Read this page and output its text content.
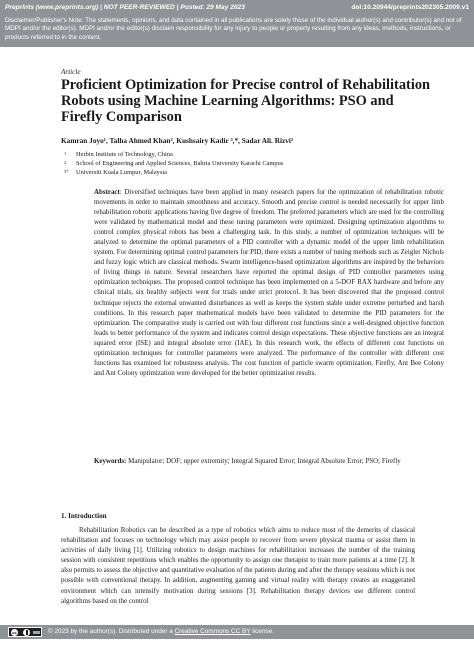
Preprints (www.preprints.org) | NOT PEER-REVIEWED | Posted: 29 May 2023	doi:10.20944/preprints202305.2009.v1
Disclaimer/Publisher's Note: The statements, opinions, and data contained in all publications are solely those of the individual author(s) and contributor(s) and not of MDPI and/or the editor(s). MDPI and/or the editor(s) disclaim responsibility for any injury to people or property resulting from any ideas, methods, instructions, or products referred to in the content.
Article
Proficient Optimization for Precise control of Rehabilitation Robots using Machine Learning Algorithms: PSO and Firefly Comparison
Kamran Joyo¹, Talha Ahmed Khan², Kushsairy Kadir ³,*, Sadar Ali. Rizvi²
1 Herbin Institute of Technology, China
2 School of Engineering and Applied Sciences, Bahria University Karachi Campus
3* Universiti Kuala Lumpur, Malaysia
Abstract: Diversified techniques have been applied in many research papers for the optimization of rehabilitation robotic movements in order to maintain smoothness and accuracy. Smooth and precise control is needed necessarily for upper limb rehabilitation robotic applications having five degree of freedom. The preferred parameters which are used for the controlling were validated by mathematical model and these tuning parameters were optimized. Designing optimization algorithms to control complex physical robots has been a challenging task. In this study, a number of optimization techniques will be analyzed to determine the optimal parameters of a PID controller with a dynamic model of the upper limb rehabilitation system. For determining optimal control parameters for PID, there exists a number of tuning methods such as Zeigler Nichols and fuzzy logic which are classical methods. Swarm intelligence-based optimization algorithms are inspired by the behaviors of living things in nature. Several researchers have reported the optimal design of PID controller parameters using optimization techniques. The proposed control technique has been implemented on a 5-DOF RAX hardware and before any clinical trials, six healthy subjects went for trials under strict protocol. It has been discovered that the proposed control technique rejects the external unwanted disturbances as well as keeps the system stable under extreme perturbed and harsh conditions. In this research paper mathematical models have been validated to determine the PID parameters for the optimization. The comparative study is carried out with four different cost functions since a well-designed objective function leads to better performance of the system and indicates control design expectations. These objective functions are an integral squared error (ISE) and integral absolute error (IAE). In this research work, the effects of different cost functions on optimization techniques for controller parameters were analyzed. The performance of the controller with different cost functions has examined for robustness analysis. The cost function of particle swarm optimization, Firefly, Ant Bee Colony and Ant Colony optimization were developed for the better optimization results.
Keywords: Manipulator; DOF; upper extremity; Integral Squared Error; Integral Absolute Error; PSO; Firefly
1. Introduction
Rehabilitation Robotics can be described as a type of robotics which aims to reduce most of the demerits of classical rehabilitation and focuses on technology which may assist people to recover from severe physical trauma or assist them in activities of daily living [1]. Utilizing robotics to design machines for rehabilitation increases the number of the training session with consistent repetitions which enables the opportunity to assign one therapist to train more patients at a time [2]. It also permits to assess the objective and quantitative evaluation of the patients during and after the therapy sessions which is not possible with conventional therapy. In addition, augmenting gaming and virtual reality with therapy creates an exaggerated environment which can intensify motivation during sessions [3]. Rehabilitation therapy devices use different control algorithms based on the control
cc	© 2023 by the author(s). Distributed under a Creative Commons CC BY license.
